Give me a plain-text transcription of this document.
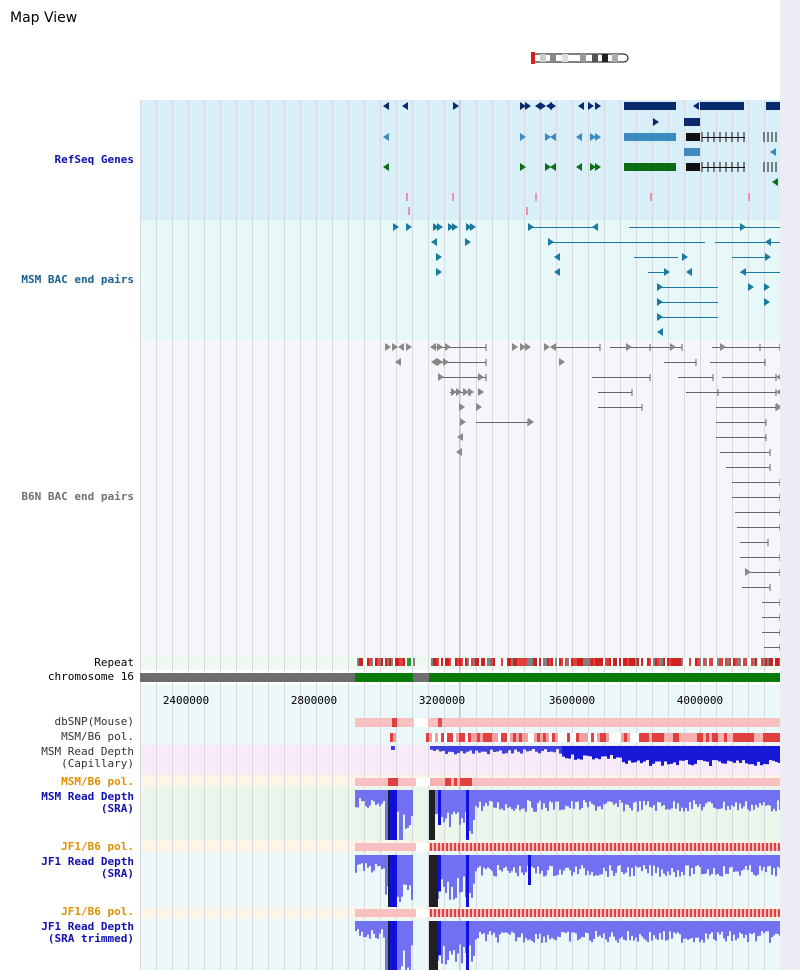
Map View
RefSeq Genes
MSM BAC end pairs
B6N BAC end pairs
Repeat
chromosome 16
dbSNP(Mouse)
MSM/B6 pol.
MSM Read Depth
(Capillary)
MSM/B6 pol.
MSM Read Depth
(SRA)
JF1/B6 pol.
JF1 Read Depth
(SRA)
JF1/B6 pol.
JF1 Read Depth
(SRA trimmed)

2400000	2800000	3200000	3600000	4000000
